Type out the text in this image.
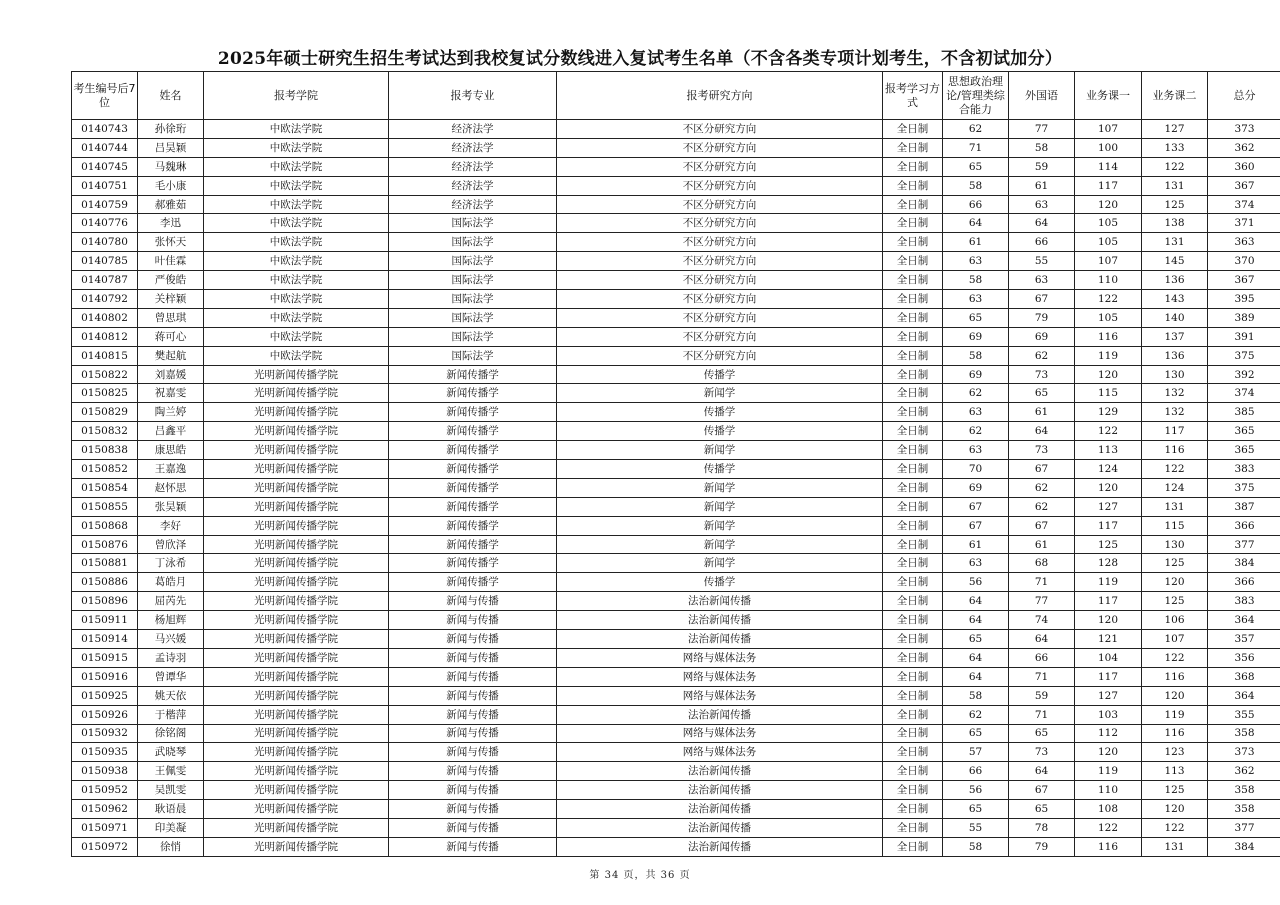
2025年硕士研究生招生考试达到我校复试分数线进入复试考生名单（不含各类专项计划考生，不含初试加分）
考生编号后7位	姓名	报考学院	报考专业	报考研究方向	报考学习方式	思想政治理论/管理类综合能力	外国语	业务课一	业务课二	总分
0140743	孙徐珩	中欧法学院	经济法学	不区分研究方向	全日制	62	77	107	127	373
0140744	吕昊颖	中欧法学院	经济法学	不区分研究方向	全日制	71	58	100	133	362
0140745	马魏琳	中欧法学院	经济法学	不区分研究方向	全日制	65	59	114	122	360
0140751	毛小康	中欧法学院	经济法学	不区分研究方向	全日制	58	61	117	131	367
0140759	郝雅茹	中欧法学院	经济法学	不区分研究方向	全日制	66	63	120	125	374
0140776	李迅	中欧法学院	国际法学	不区分研究方向	全日制	64	64	105	138	371
0140780	张怀天	中欧法学院	国际法学	不区分研究方向	全日制	61	66	105	131	363
0140785	叶佳霖	中欧法学院	国际法学	不区分研究方向	全日制	63	55	107	145	370
0140787	严俊皓	中欧法学院	国际法学	不区分研究方向	全日制	58	63	110	136	367
0140792	关梓颖	中欧法学院	国际法学	不区分研究方向	全日制	63	67	122	143	395
0140802	曾思琪	中欧法学院	国际法学	不区分研究方向	全日制	65	79	105	140	389
0140812	蒋可心	中欧法学院	国际法学	不区分研究方向	全日制	69	69	116	137	391
0140815	樊起航	中欧法学院	国际法学	不区分研究方向	全日制	58	62	119	136	375
0150822	刘嘉媛	光明新闻传播学院	新闻传播学	传播学	全日制	69	73	120	130	392
0150825	祝嘉雯	光明新闻传播学院	新闻传播学	新闻学	全日制	62	65	115	132	374
0150829	陶兰婷	光明新闻传播学院	新闻传播学	传播学	全日制	63	61	129	132	385
0150832	吕鑫平	光明新闻传播学院	新闻传播学	传播学	全日制	62	64	122	117	365
0150838	康思皓	光明新闻传播学院	新闻传播学	新闻学	全日制	63	73	113	116	365
0150852	王嘉逸	光明新闻传播学院	新闻传播学	传播学	全日制	70	67	124	122	383
0150854	赵怀思	光明新闻传播学院	新闻传播学	新闻学	全日制	69	62	120	124	375
0150855	张昊颖	光明新闻传播学院	新闻传播学	新闻学	全日制	67	62	127	131	387
0150868	李好	光明新闻传播学院	新闻传播学	新闻学	全日制	67	67	117	115	366
0150876	曾欣泽	光明新闻传播学院	新闻传播学	新闻学	全日制	61	61	125	130	377
0150881	丁泳希	光明新闻传播学院	新闻传播学	新闻学	全日制	63	68	128	125	384
0150886	葛皓月	光明新闻传播学院	新闻传播学	传播学	全日制	56	71	119	120	366
0150896	屈芮先	光明新闻传播学院	新闻与传播	法治新闻传播	全日制	64	77	117	125	383
0150911	杨旭辉	光明新闻传播学院	新闻与传播	法治新闻传播	全日制	64	74	120	106	364
0150914	马兴媛	光明新闻传播学院	新闻与传播	法治新闻传播	全日制	65	64	121	107	357
0150915	孟诗羽	光明新闻传播学院	新闻与传播	网络与媒体法务	全日制	64	66	104	122	356
0150916	曾谭华	光明新闻传播学院	新闻与传播	网络与媒体法务	全日制	64	71	117	116	368
0150925	姚天依	光明新闻传播学院	新闻与传播	网络与媒体法务	全日制	58	59	127	120	364
0150926	于楷萍	光明新闻传播学院	新闻与传播	法治新闻传播	全日制	62	71	103	119	355
0150932	徐铭阁	光明新闻传播学院	新闻与传播	网络与媒体法务	全日制	65	65	112	116	358
0150935	武晓琴	光明新闻传播学院	新闻与传播	网络与媒体法务	全日制	57	73	120	123	373
0150938	王佩雯	光明新闻传播学院	新闻与传播	法治新闻传播	全日制	66	64	119	113	362
0150952	吴凯雯	光明新闻传播学院	新闻与传播	法治新闻传播	全日制	56	67	110	125	358
0150962	耿语晨	光明新闻传播学院	新闻与传播	法治新闻传播	全日制	65	65	108	120	358
0150971	印美凝	光明新闻传播学院	新闻与传播	法治新闻传播	全日制	55	78	122	122	377
0150972	徐悄	光明新闻传播学院	新闻与传播	法治新闻传播	全日制	58	79	116	131	384
第 34 页，共 36 页
